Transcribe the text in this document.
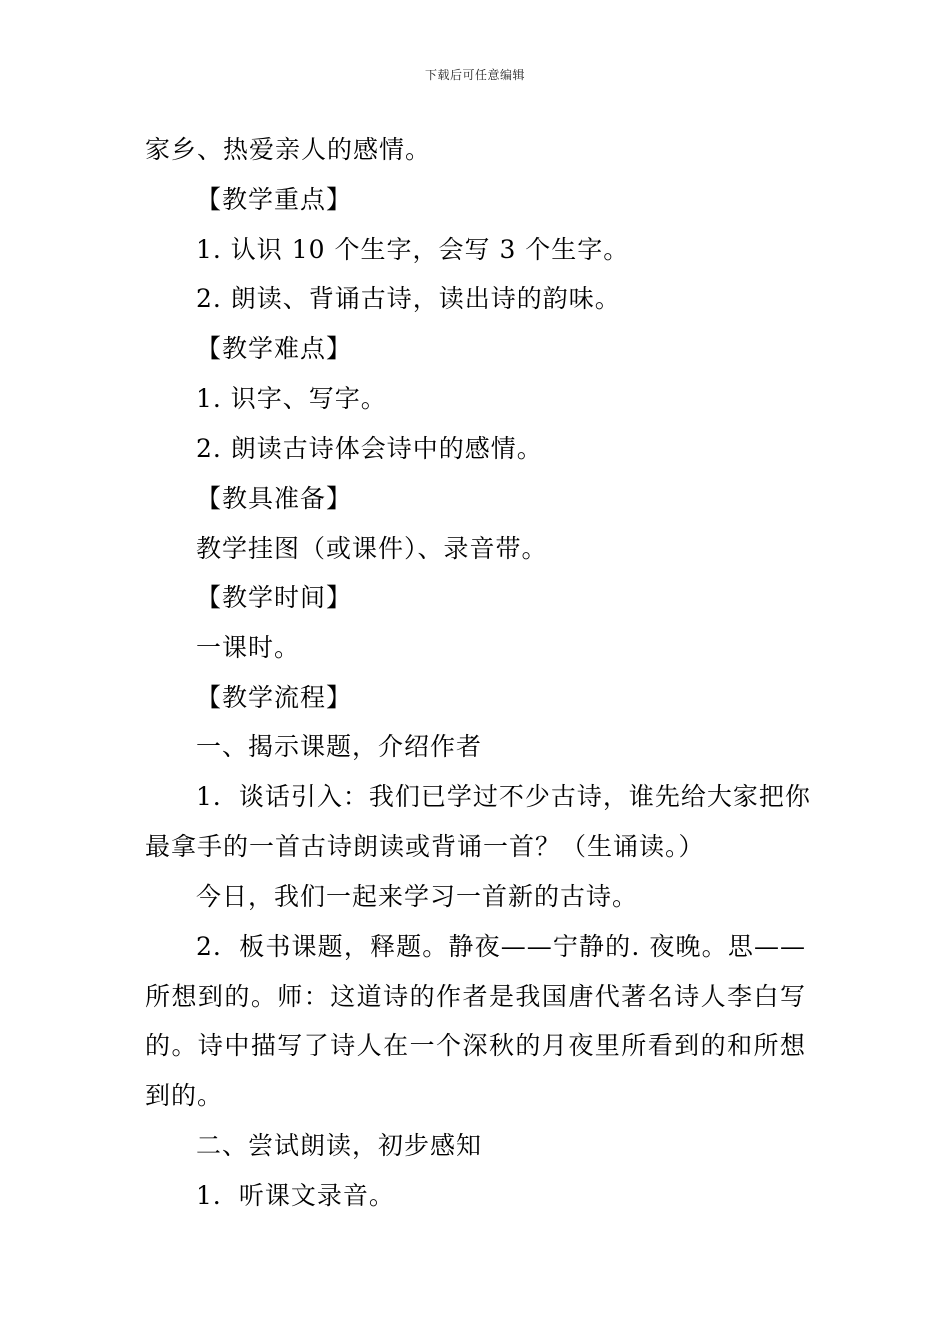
下载后可任意编辑
家乡、热爱亲人的感情。
【教学重点】
1. 认识 10 个生字，会写 3 个生字。
2. 朗读、背诵古诗，读出诗的韵味。
【教学难点】
1. 识字、写字。
2. 朗读古诗体会诗中的感情。
【教具准备】
教学挂图（或课件）、录音带。
【教学时间】
一课时。
【教学流程】
一、揭示课题，介绍作者
1．谈话引入：我们已学过不少古诗，谁先给大家把你
最拿手的一首古诗朗读或背诵一首？（生诵读。）
今日，我们一起来学习一首新的古诗。
2．板书课题，释题。静夜——宁静的. 夜晚。思——
所想到的。师：这道诗的作者是我国唐代著名诗人李白写
的。诗中描写了诗人在一个深秋的月夜里所看到的和所想
到的。
二、尝试朗读，初步感知
1．听课文录音。
